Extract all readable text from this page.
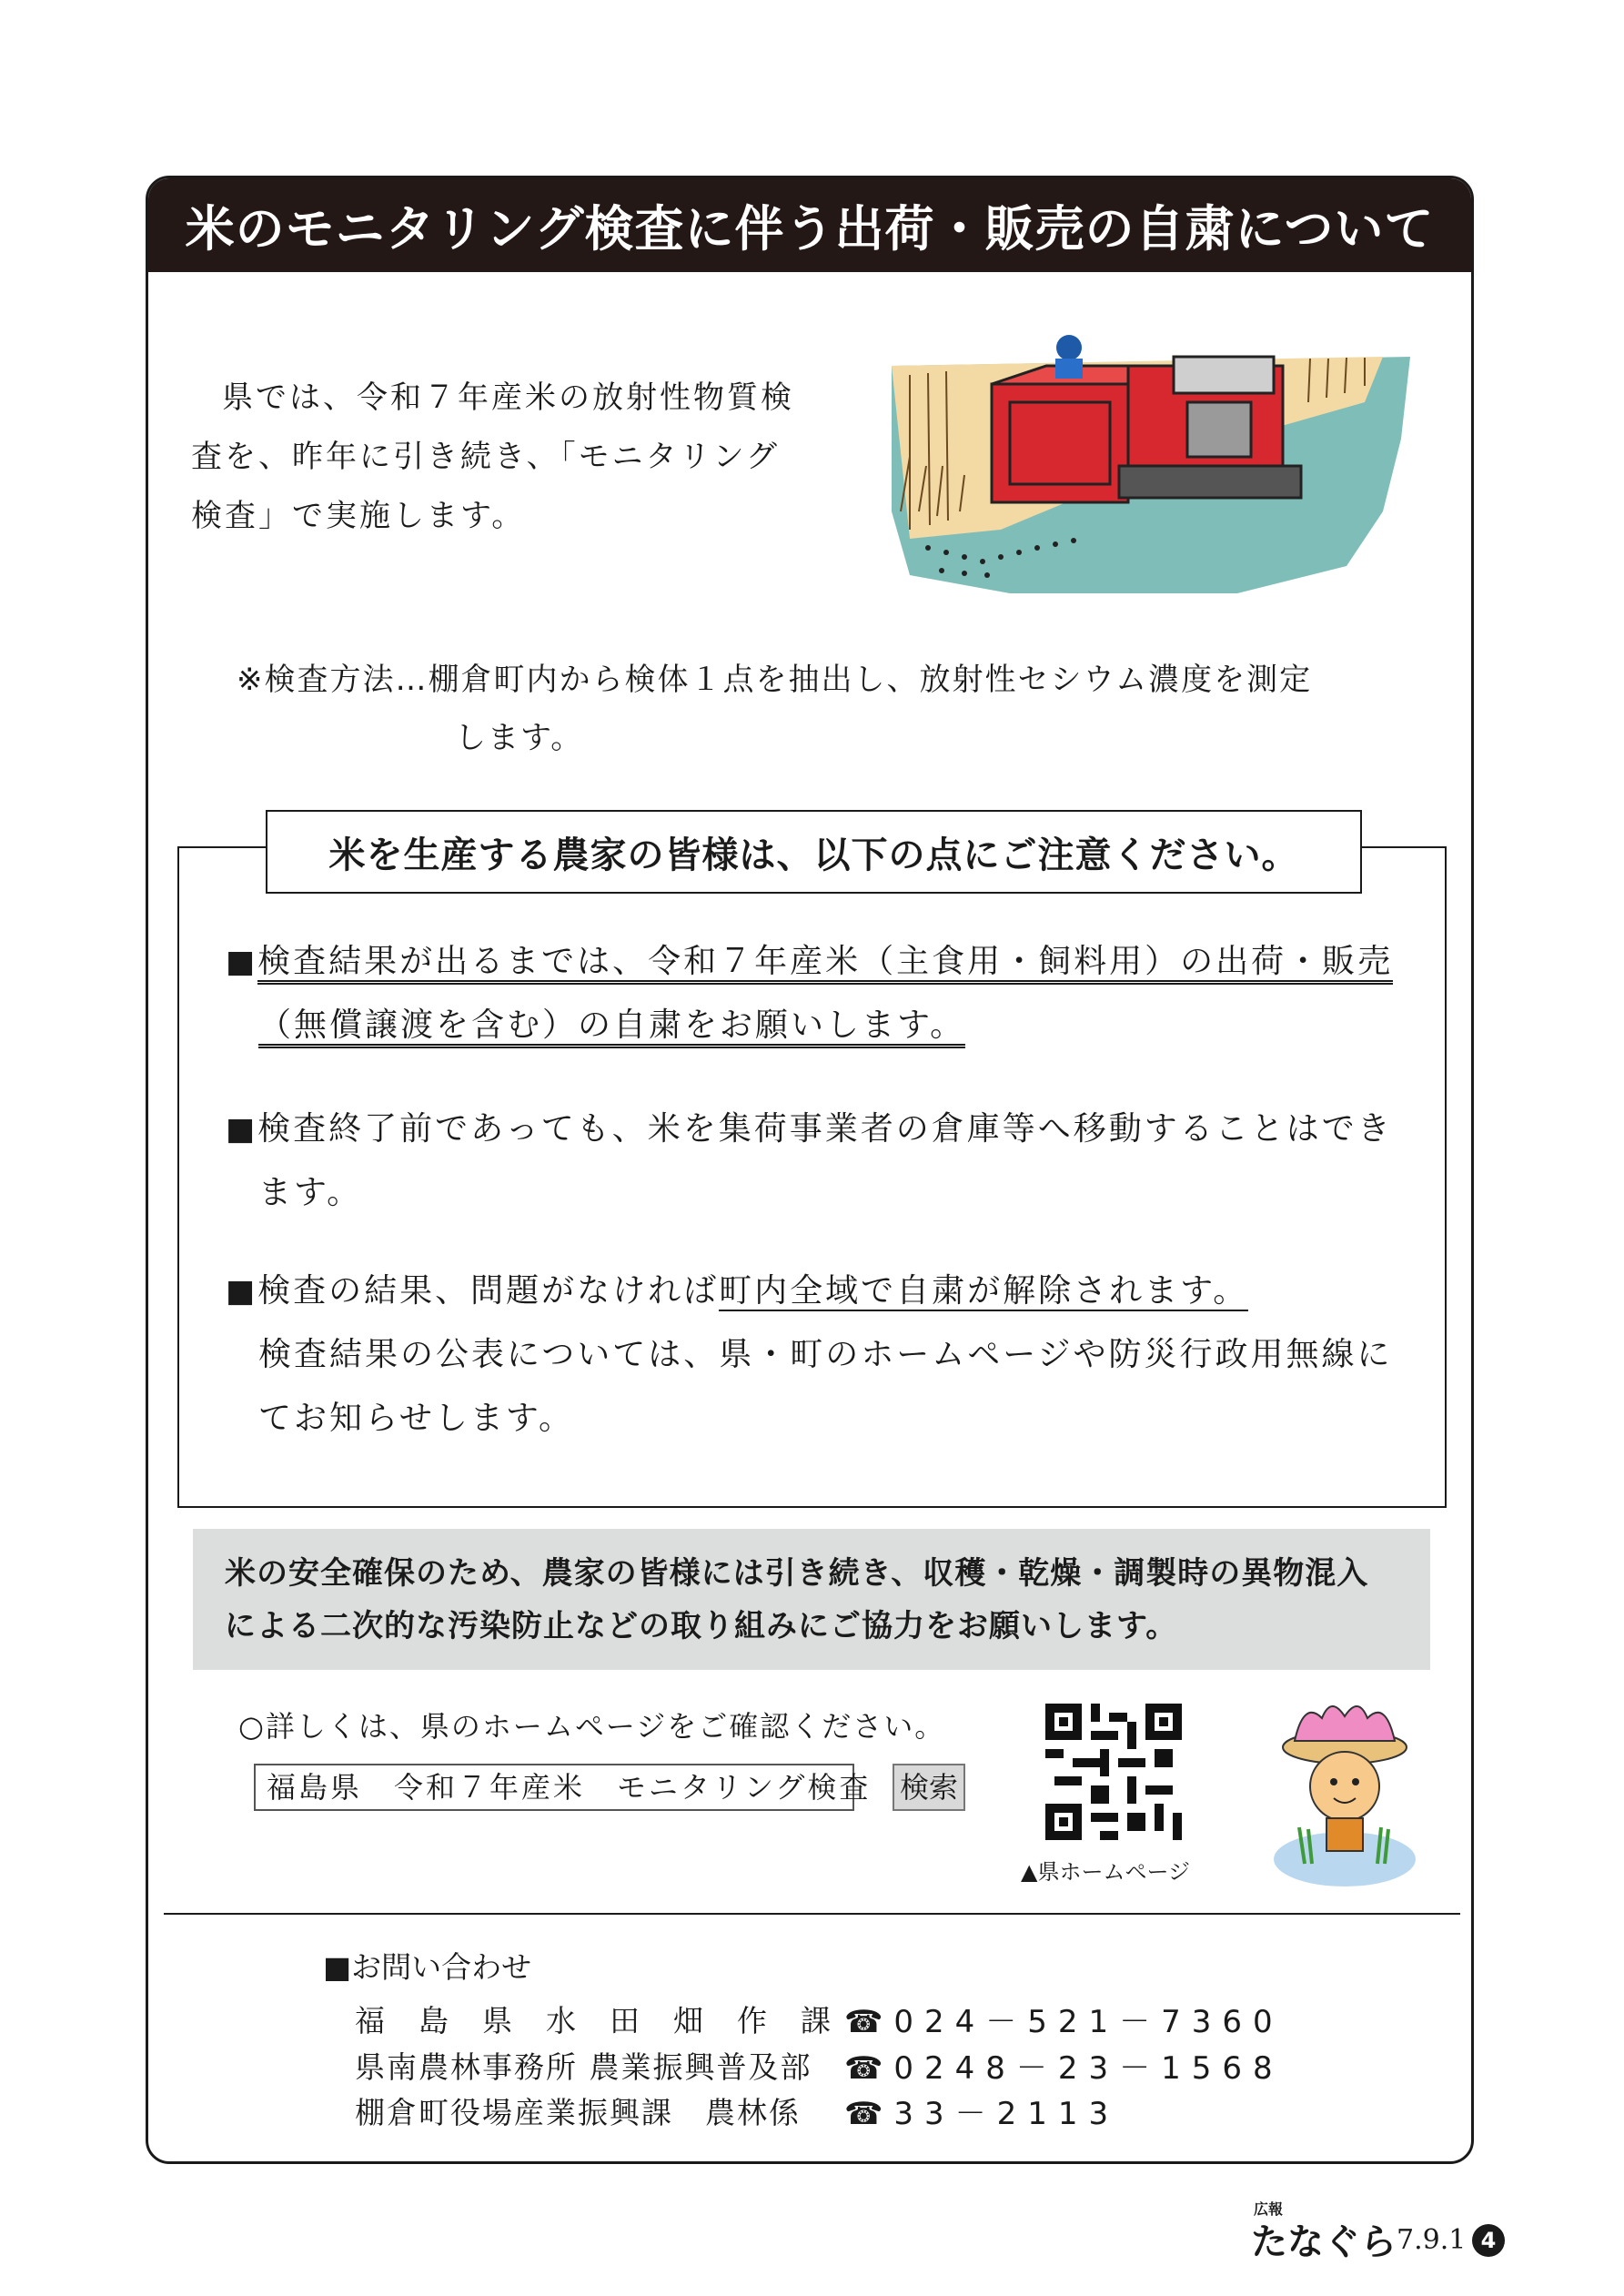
米のモニタリング検査に伴う出荷・販売の自粛について
県では、令和７年産米の放射性物質検査を、昨年に引き続き、「モニタリング検査」で実施します。
※検査方法…棚倉町内から検体１点を抽出し、放射性セシウム濃度を測定
します。
米を生産する農家の皆様は、以下の点にご注意ください。
■検査結果が出るまでは、令和７年産米（主食用・飼料用）の出荷・販売
（無償譲渡を含む）の自粛をお願いします。
■検査終了前であっても、米を集荷事業者の倉庫等へ移動することはでき
ます。
■検査の結果、問題がなければ町内全域で自粛が解除されます。
検査結果の公表については、県・町のホームページや防災行政用無線に
てお知らせします。
米の安全確保のため、農家の皆様には引き続き、収穫・乾燥・調製時の異物混入による二次的な汚染防止などの取り組みにご協力をお願いします。
○詳しくは、県のホームページをご確認ください。
福島県　令和７年産米　モニタリング検査 検索
▲県ホームページ
■お問い合わせ
福　島　県　水　田　畑　作　課 ☎024－521－7360
県南農林事務所 農業振興普及部 ☎0248－23－1568
棚倉町役場産業振興課　農林係 ☎33－2113
広報
たなぐら 7.9.1 4
